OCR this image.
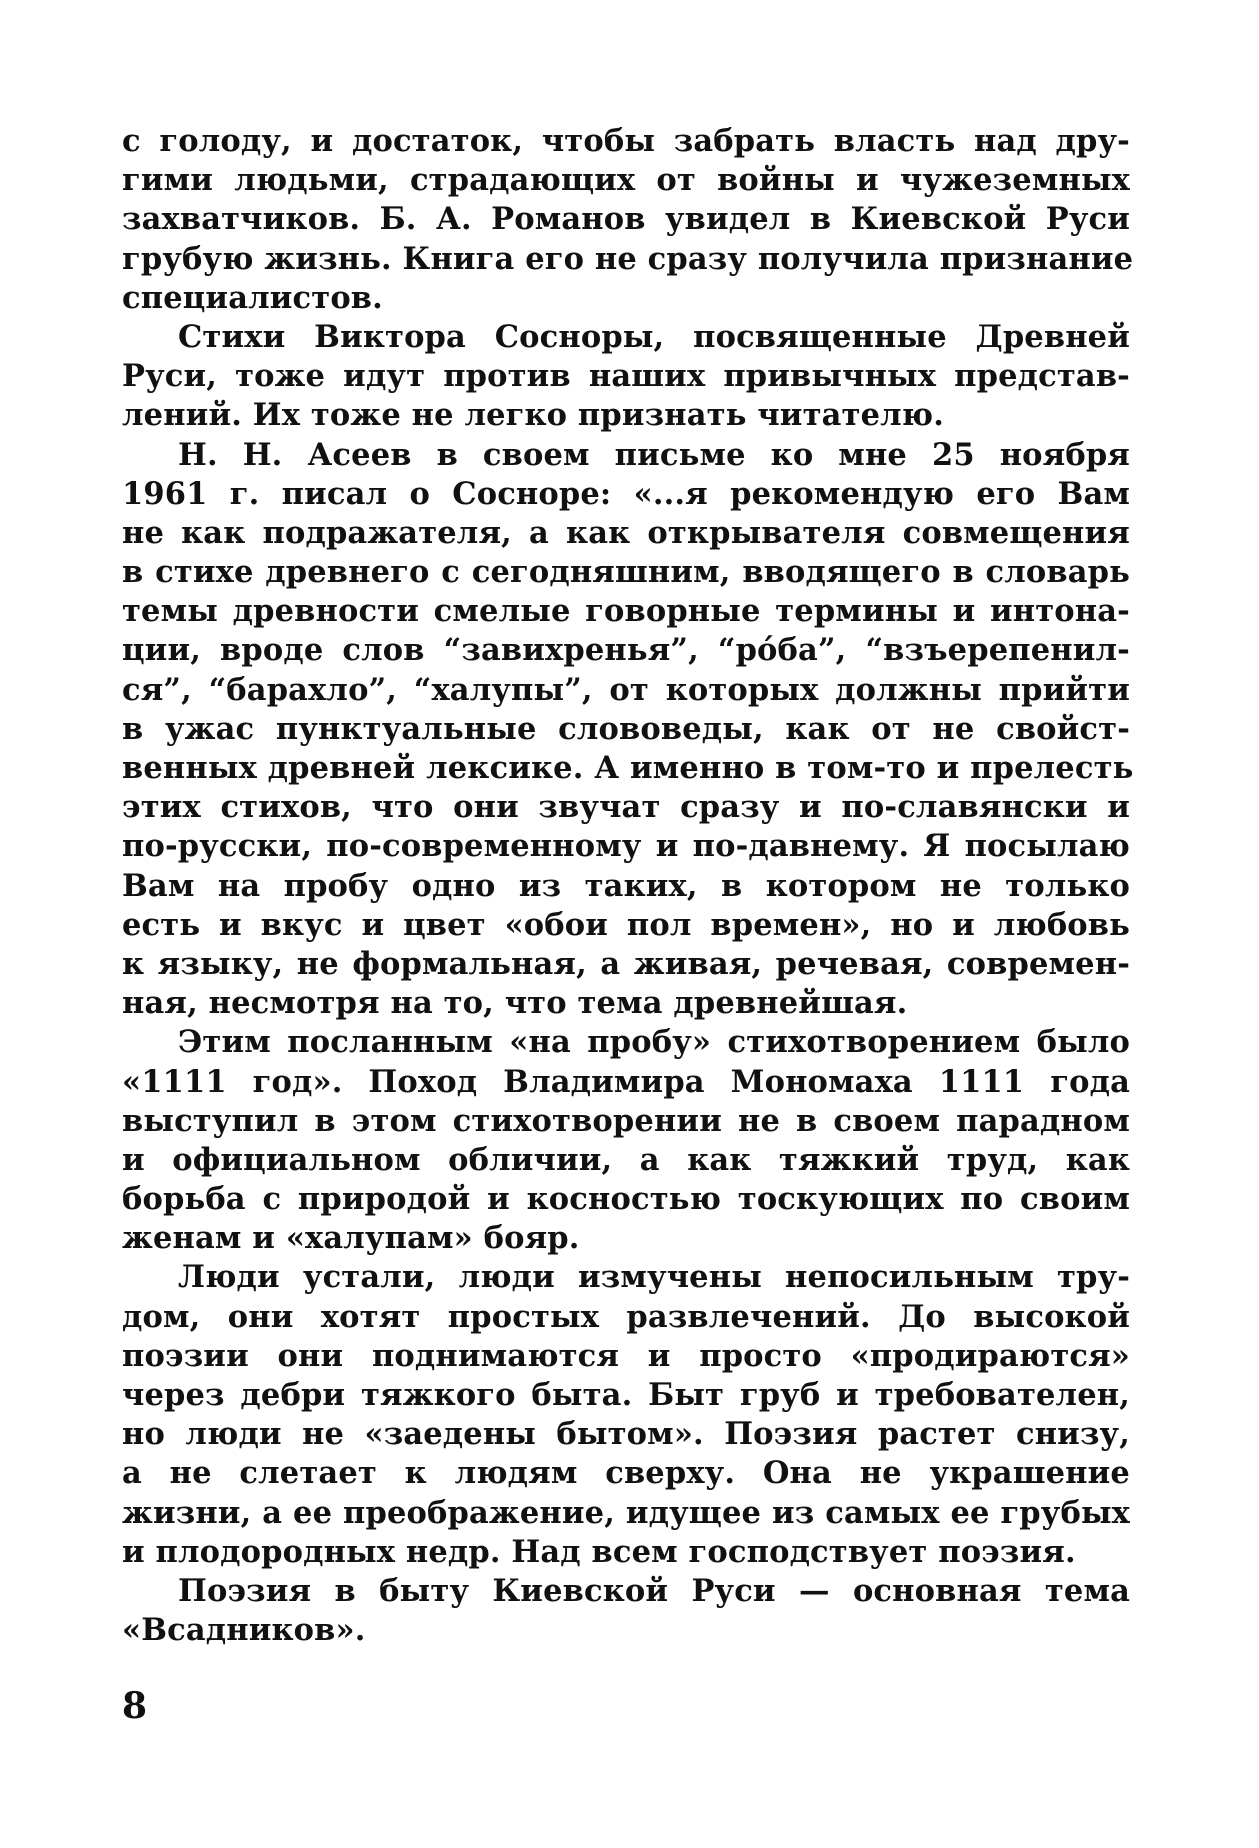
с голоду, и достаток, чтобы забрать власть над дру-
гими людьми, страдающих от войны и чужеземных
захватчиков. Б. А. Романов увидел в Киевской Руси
грубую жизнь. Книга его не сразу получила признание
специалистов.
Стихи Виктора Сосноры, посвященные Древней
Руси, тоже идут против наших привычных представ-
лений. Их тоже не легко признать читателю.
Н. Н. Асеев в своем письме ко мне 25 ноября
1961 г. писал о Сосноре: «...я рекомендую его Вам
не как подражателя, а как открывателя совмещения
в стихе древнего с сегодняшним, вводящего в словарь
темы древности смелые говорные термины и интона-
ции, вроде слов “завихренья”, “рóба”, “взъерепенил-
ся”, “барахло”, “халупы”, от которых должны прийти
в ужас пунктуальные слововеды, как от не свойст-
венных древней лексике. А именно в том-то и прелесть
этих стихов, что они звучат сразу и по-славянски и
по-русски, по-современному и по-давнему. Я посылаю
Вам на пробу одно из таких, в котором не только
есть и вкус и цвет «обои пол времен», но и любовь
к языку, не формальная, а живая, речевая, современ-
ная, несмотря на то, что тема древнейшая.
Этим посланным «на пробу» стихотворением было
«1111 год». Поход Владимира Мономаха 1111 года
выступил в этом стихотворении не в своем парадном
и официальном обличии, а как тяжкий труд, как
борьба с природой и косностью тоскующих по своим
женам и «халупам» бояр.
Люди устали, люди измучены непосильным тру-
дом, они хотят простых развлечений. До высокой
поэзии они поднимаются и просто «продираются»
через дебри тяжкого быта. Быт груб и требователен,
но люди не «заедены бытом». Поэзия растет снизу,
а не слетает к людям сверху. Она не украшение
жизни, а ее преображение, идущее из самых ее грубых
и плодородных недр. Над всем господствует поэзия.
Поэзия в быту Киевской Руси — основная тема
«Всадников».
8
